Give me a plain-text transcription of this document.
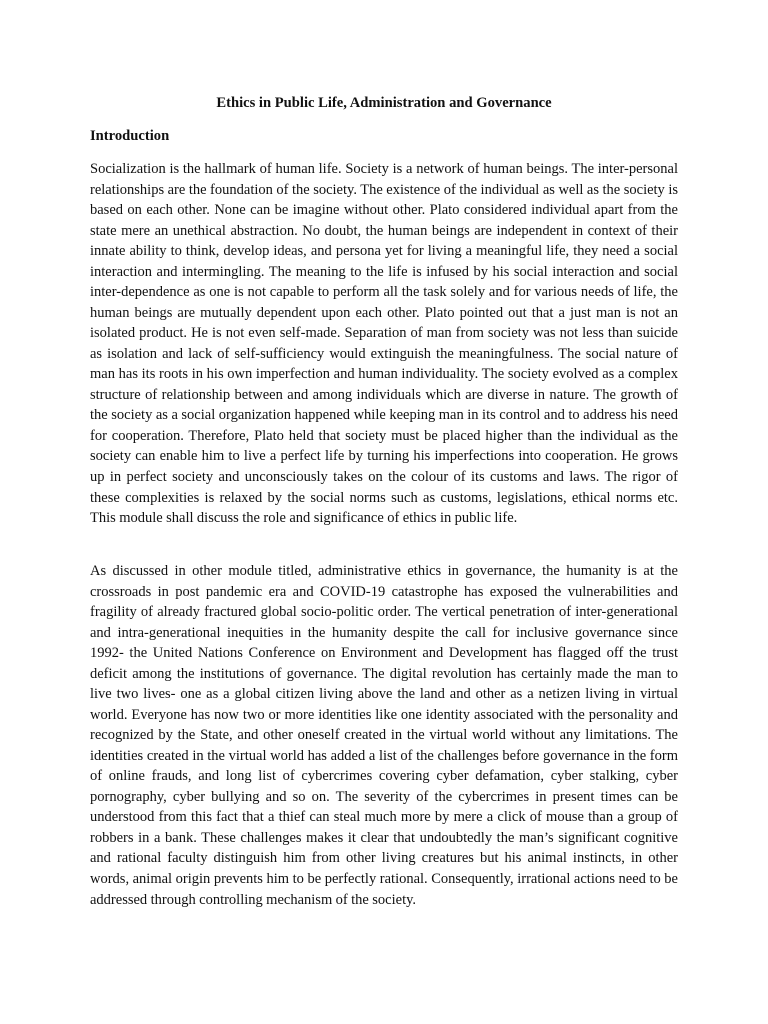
Ethics in Public Life, Administration and Governance
Introduction

Socialization is the hallmark of human life. Society is a network of human beings. The inter-personal relationships are the foundation of the society. The existence of the individual as well as the society is based on each other. None can be imagine without other. Plato considered individual apart from the state mere an unethical abstraction. No doubt, the human beings are independent in context of their innate ability to think, develop ideas, and persona yet for living a meaningful life, they need a social interaction and intermingling. The meaning to the life is infused by his social interaction and social inter-dependence as one is not capable to perform all the task solely and for various needs of life, the human beings are mutually dependent upon each other. Plato pointed out that a just man is not an isolated product. He is not even self-made. Separation of man from society was not less than suicide as isolation and lack of self-sufficiency would extinguish the meaningfulness. The social nature of man has its roots in his own imperfection and human individuality. The society evolved as a complex structure of relationship between and among individuals which are diverse in nature. The growth of the society as a social organization happened while keeping man in its control and to address his need for cooperation. Therefore, Plato held that society must be placed higher than the individual as the society can enable him to live a perfect life by turning his imperfections into cooperation. He grows up in perfect society and unconsciously takes on the colour of its customs and laws. The rigor of these complexities is relaxed by the social norms such as customs, legislations, ethical norms etc. This module shall discuss the role and significance of ethics in public life.

As discussed in other module titled, administrative ethics in governance, the humanity is at the crossroads in post pandemic era and COVID-19 catastrophe has exposed the vulnerabilities and fragility of already fractured global socio-politic order. The vertical penetration of inter-generational and intra-generational inequities in the humanity despite the call for inclusive governance since 1992- the United Nations Conference on Environment and Development has flagged off the trust deficit among the institutions of governance. The digital revolution has certainly made the man to live two lives- one as a global citizen living above the land and other as a netizen living in virtual world. Everyone has now two or more identities like one identity associated with the personality and recognized by the State, and other oneself created in the virtual world without any limitations. The identities created in the virtual world has added a list of the challenges before governance in the form of online frauds, and long list of cybercrimes covering cyber defamation, cyber stalking, cyber pornography, cyber bullying and so on. The severity of the cybercrimes in present times can be understood from this fact that a thief can steal much more by mere a click of mouse than a group of robbers in a bank. These challenges makes it clear that undoubtedly the man’s significant cognitive and rational faculty distinguish him from other living creatures but his animal instincts, in other words, animal origin prevents him to be perfectly rational. Consequently, irrational actions need to be addressed through controlling mechanism of the society.
